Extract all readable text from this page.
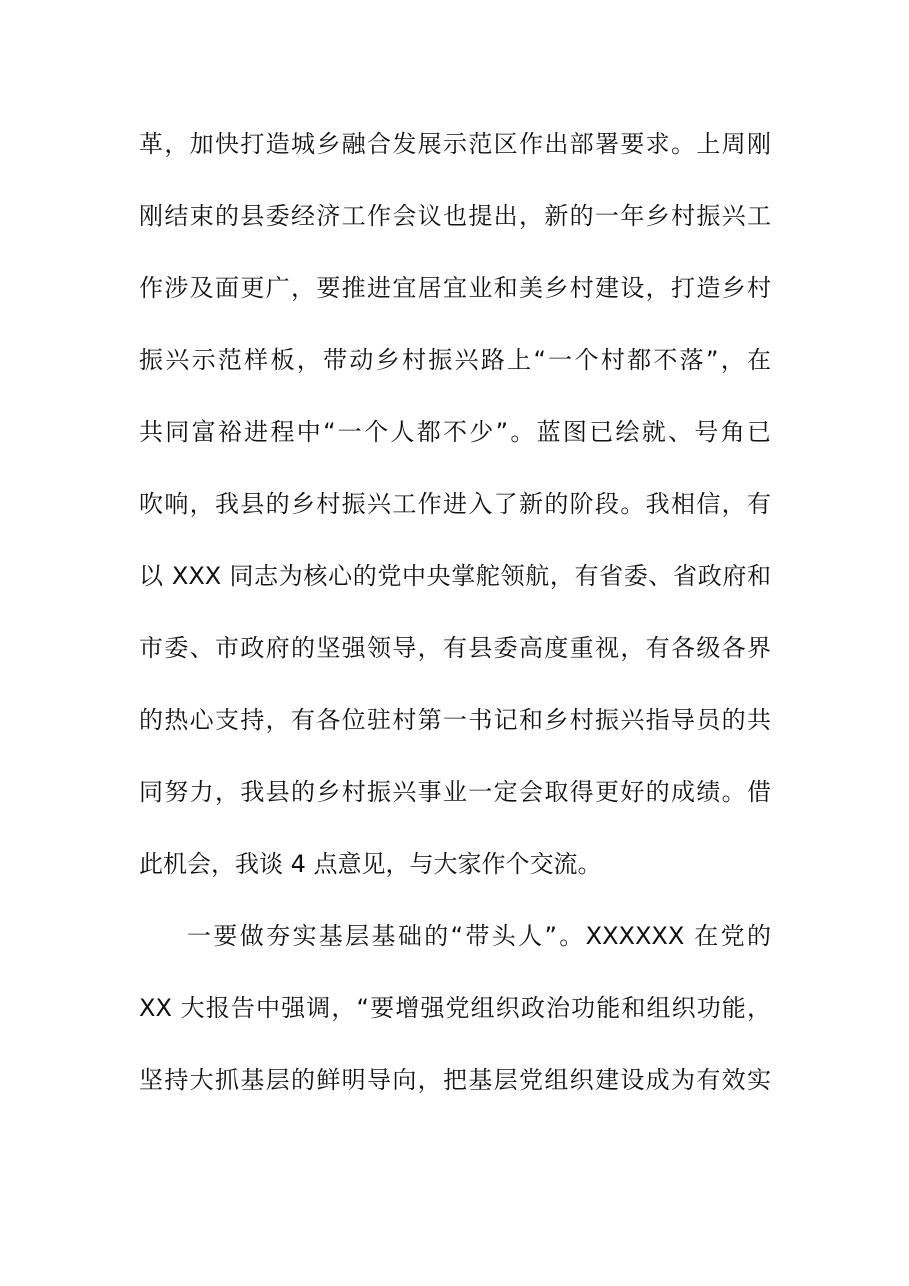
革，加快打造城乡融合发展示范区作出部署要求。上周刚
刚结束的县委经济工作会议也提出，新的一年乡村振兴工
作涉及面更广，要推进宜居宜业和美乡村建设，打造乡村
振兴示范样板，带动乡村振兴路上“一个村都不落”，在
共同富裕进程中“一个人都不少”。蓝图已绘就、号角已
吹响，我县的乡村振兴工作进入了新的阶段。我相信，有
以 XXX 同志为核心的党中央掌舵领航，有省委、省政府和
市委、市政府的坚强领导，有县委高度重视，有各级各界
的热心支持，有各位驻村第一书记和乡村振兴指导员的共
同努力，我县的乡村振兴事业一定会取得更好的成绩。借
此机会，我谈 4 点意见，与大家作个交流。
一要做夯实基层基础的“带头人”。XXXXXX 在党的
XX 大报告中强调，“要增强党组织政治功能和组织功能，
坚持大抓基层的鲜明导向，把基层党组织建设成为有效实
